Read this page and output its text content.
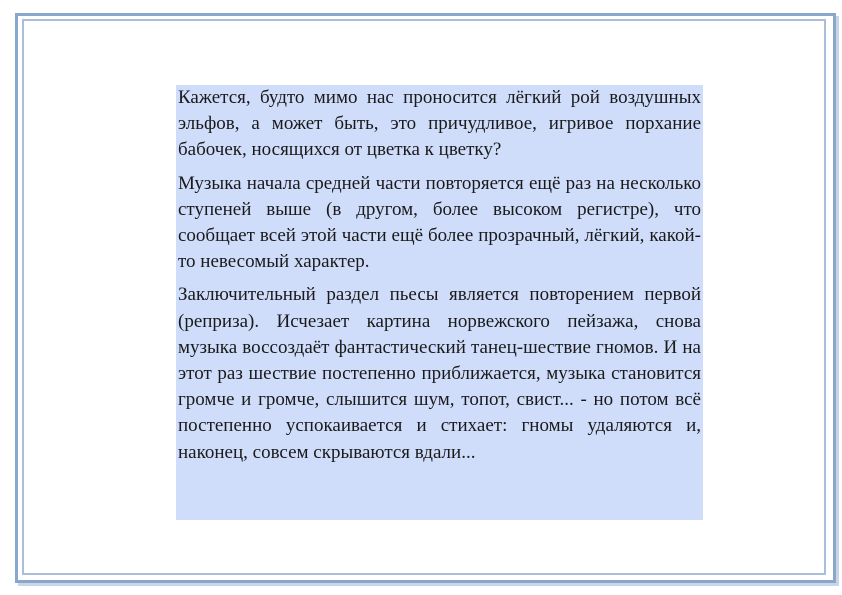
Кажется, будто мимо нас проносится лёгкий рой воздушных эльфов, а может быть, это причудливое, игривое порхание бабочек, носящихся от цветка к цветку?

Музыка начала средней части повторяется ещё раз на несколько ступеней выше (в другом, более высоком регистре), что сообщает всей этой части ещё более прозрачный, лёгкий, какой-то невесомый характер.

Заключительный раздел пьесы является повторением первой (реприза). Исчезает картина норвежского пейзажа, снова музыка воссоздаёт фантастический танец-шествие гномов. И на этот раз шествие постепенно приближается, музыка становится громче и громче, слышится шум, топот, свист... - но потом всё постепенно успокаивается и стихает: гномы удаляются и, наконец, совсем скрываются вдали...
